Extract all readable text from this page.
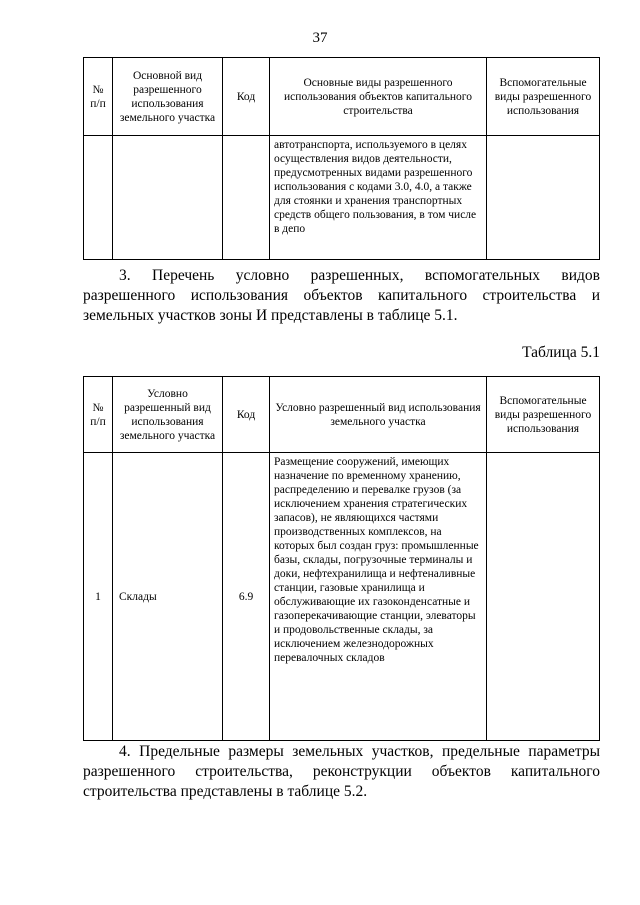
37
№
п/п	Основной вид разрешенного использования земельного участка	Код	Основные виды разрешенного использования объектов капитального строительства	Вспомогательные виды разрешенного использования
			автотранспорта, используемого в целях осуществления видов деятельности, предусмотренных видами разрешенного использования с кодами 3.0, 4.0, а также для стоянки и хранения транспортных средств общего пользования, в том числе в депо	

3. Перечень условно разрешенных, вспомогательных видов разрешенного использования объектов капитального строительства и земельных участков зоны И представлены в таблице 5.1.

Таблица 5.1
№
п/п	Условно разрешенный вид использования земельного участка	Код	Условно разрешенный вид использования земельного участка	Вспомогательные виды разрешенного использования
1	Склады	6.9	Размещение сооружений, имеющих назначение по временному хранению, распределению и перевалке грузов (за исключением хранения стратегических запасов), не являющихся частями производственных комплексов, на которых был создан груз: промышленные базы, склады, погрузочные терминалы и доки, нефтехранилища и нефтеналивные станции, газовые хранилища и обслуживающие их газоконденсатные и газоперекачивающие станции, элеваторы и продовольственные склады, за исключением железнодорожных перевалочных складов	

4. Предельные размеры земельных участков, предельные параметры разрешенного строительства, реконструкции объектов капитального строительства представлены в таблице 5.2.
